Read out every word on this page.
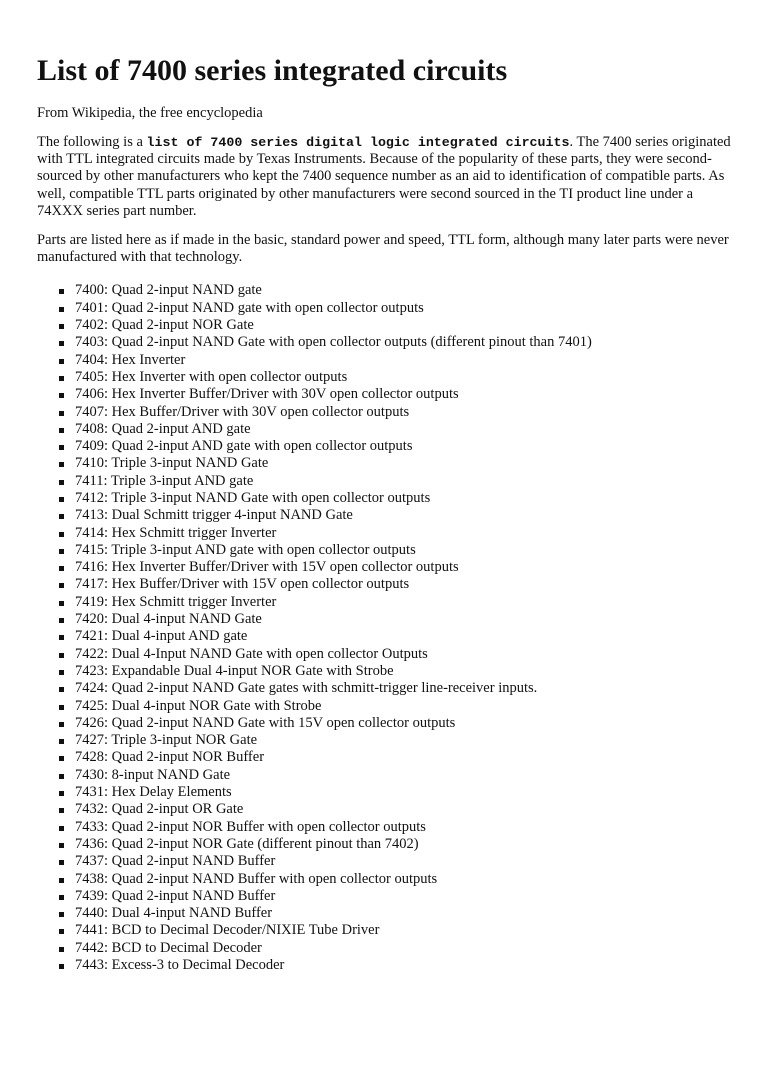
List of 7400 series integrated circuits

From Wikipedia, the free encyclopedia

The following is a list of 7400 series digital logic integrated circuits. The 7400 series originated with TTL integrated circuits made by Texas Instruments. Because of the popularity of these parts, they were second-sourced by other manufacturers who kept the 7400 sequence number as an aid to identification of compatible parts. As well, compatible TTL parts originated by other manufacturers were second sourced in the TI product line under a 74XXX series part number.

Parts are listed here as if made in the basic, standard power and speed, TTL form, although many later parts were never manufactured with that technology.

7400: Quad 2-input NAND gate
7401: Quad 2-input NAND gate with open collector outputs
7402: Quad 2-input NOR Gate
7403: Quad 2-input NAND Gate with open collector outputs (different pinout than 7401)
7404: Hex Inverter
7405: Hex Inverter with open collector outputs
7406: Hex Inverter Buffer/Driver with 30V open collector outputs
7407: Hex Buffer/Driver with 30V open collector outputs
7408: Quad 2-input AND gate
7409: Quad 2-input AND gate with open collector outputs
7410: Triple 3-input NAND Gate
7411: Triple 3-input AND gate
7412: Triple 3-input NAND Gate with open collector outputs
7413: Dual Schmitt trigger 4-input NAND Gate
7414: Hex Schmitt trigger Inverter
7415: Triple 3-input AND gate with open collector outputs
7416: Hex Inverter Buffer/Driver with 15V open collector outputs
7417: Hex Buffer/Driver with 15V open collector outputs
7419: Hex Schmitt trigger Inverter
7420: Dual 4-input NAND Gate
7421: Dual 4-input AND gate
7422: Dual 4-Input NAND Gate with open collector Outputs
7423: Expandable Dual 4-input NOR Gate with Strobe
7424: Quad 2-input NAND Gate gates with schmitt-trigger line-receiver inputs.
7425: Dual 4-input NOR Gate with Strobe
7426: Quad 2-input NAND Gate with 15V open collector outputs
7427: Triple 3-input NOR Gate
7428: Quad 2-input NOR Buffer
7430: 8-input NAND Gate
7431: Hex Delay Elements
7432: Quad 2-input OR Gate
7433: Quad 2-input NOR Buffer with open collector outputs
7436: Quad 2-input NOR Gate (different pinout than 7402)
7437: Quad 2-input NAND Buffer
7438: Quad 2-input NAND Buffer with open collector outputs
7439: Quad 2-input NAND Buffer
7440: Dual 4-input NAND Buffer
7441: BCD to Decimal Decoder/NIXIE Tube Driver
7442: BCD to Decimal Decoder
7443: Excess-3 to Decimal Decoder
